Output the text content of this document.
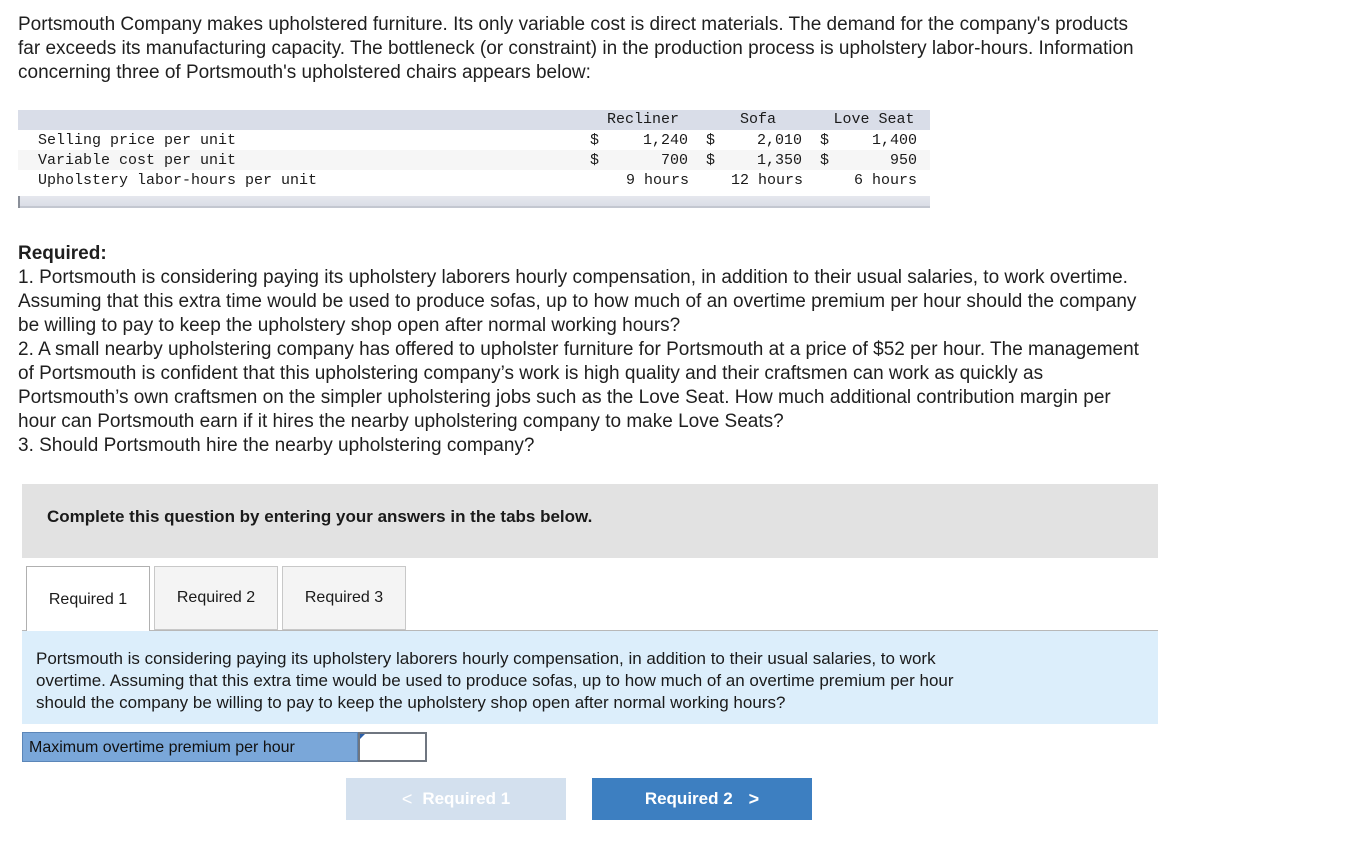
Portsmouth Company makes upholstered furniture. Its only variable cost is direct materials. The demand for the company's products
far exceeds its manufacturing capacity. The bottleneck (or constraint) in the production process is upholstery labor-hours. Information
concerning three of Portsmouth's upholstered chairs appears below:

Recliner	Sofa	Love Seat
Selling price per unit	$	1,240 $	2,010 $	1,400
Variable cost per unit	$	700 $	1,350 $	950
Upholstery labor-hours per unit	9 hours	12 hours	6 hours

Required:

1. Portsmouth is considering paying its upholstery laborers hourly compensation, in addition to their usual salaries, to work overtime.

Assuming that this extra time would be used to produce sofas, up to how much of an overtime premium per hour should the company

be willing to pay to keep the upholstery shop open after normal working hours?

2. A small nearby upholstering company has offered to upholster furniture for Portsmouth at a price of $52 per hour. The management

of Portsmouth is confident that this upholstering company’s work is high quality and their craftsmen can work as quickly as

Portsmouth’s own craftsmen on the simpler upholstering jobs such as the Love Seat. How much additional contribution margin per

hour can Portsmouth earn if it hires the nearby upholstering company to make Love Seats?

3. Should Portsmouth hire the nearby upholstering company?

Complete this question by entering your answers in the tabs below.
Required 1	Required 2	Required 3

Portsmouth is considering paying its upholstery laborers hourly compensation, in addition to their usual salaries, to work
overtime. Assuming that this extra time would be used to produce sofas, up to how much of an overtime premium per hour
should the company be willing to pay to keep the upholstery shop open after normal working hours?

Maximum overtime premium per hour
< Required 1	Required 2 >
